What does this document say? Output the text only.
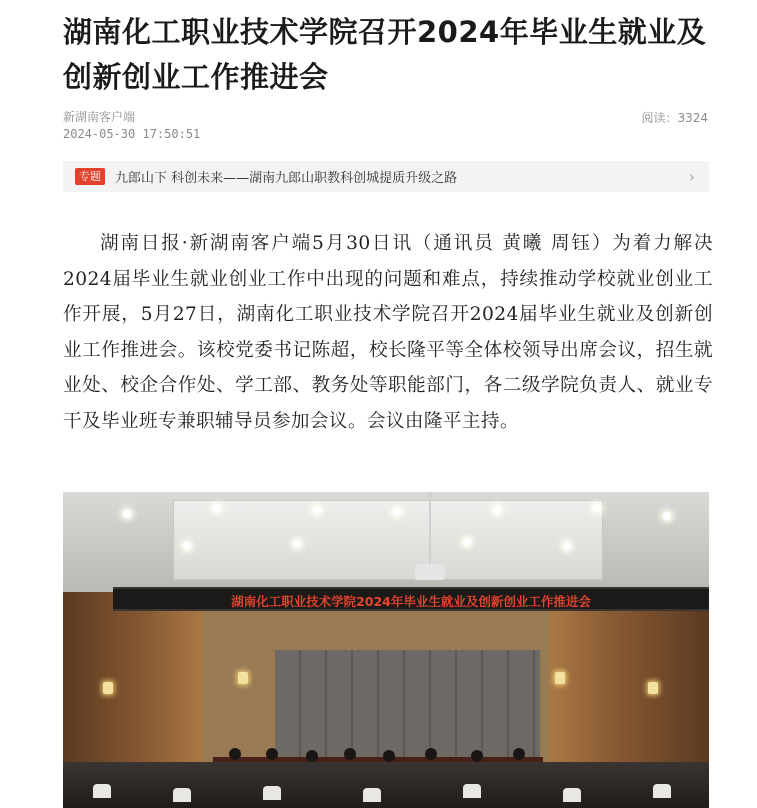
湖南化工职业技术学院召开2024年毕业生就业及创新创业工作推进会
新湖南客户端
2024-05-30 17:50:51
阅读：3324
专题	九郎山下 科创未来——湖南九郎山职教科创城提质升级之路	›

湖南日报·新湖南客户端5月30日讯（通讯员 黄曦 周钰）为着力解决2024届毕业生就业创业工作中出现的问题和难点，持续推动学校就业创业工作开展，5月27日，湖南化工职业技术学院召开2024届毕业生就业及创新创业工作推进会。该校党委书记陈超，校长隆平等全体校领导出席会议，招生就业处、校企合作处、学工部、教务处等职能部门，各二级学院负责人、就业专干及毕业班专兼职辅导员参加会议。会议由隆平主持。

湖南化工职业技术学院2024年毕业生就业及创新创业工作推进会
